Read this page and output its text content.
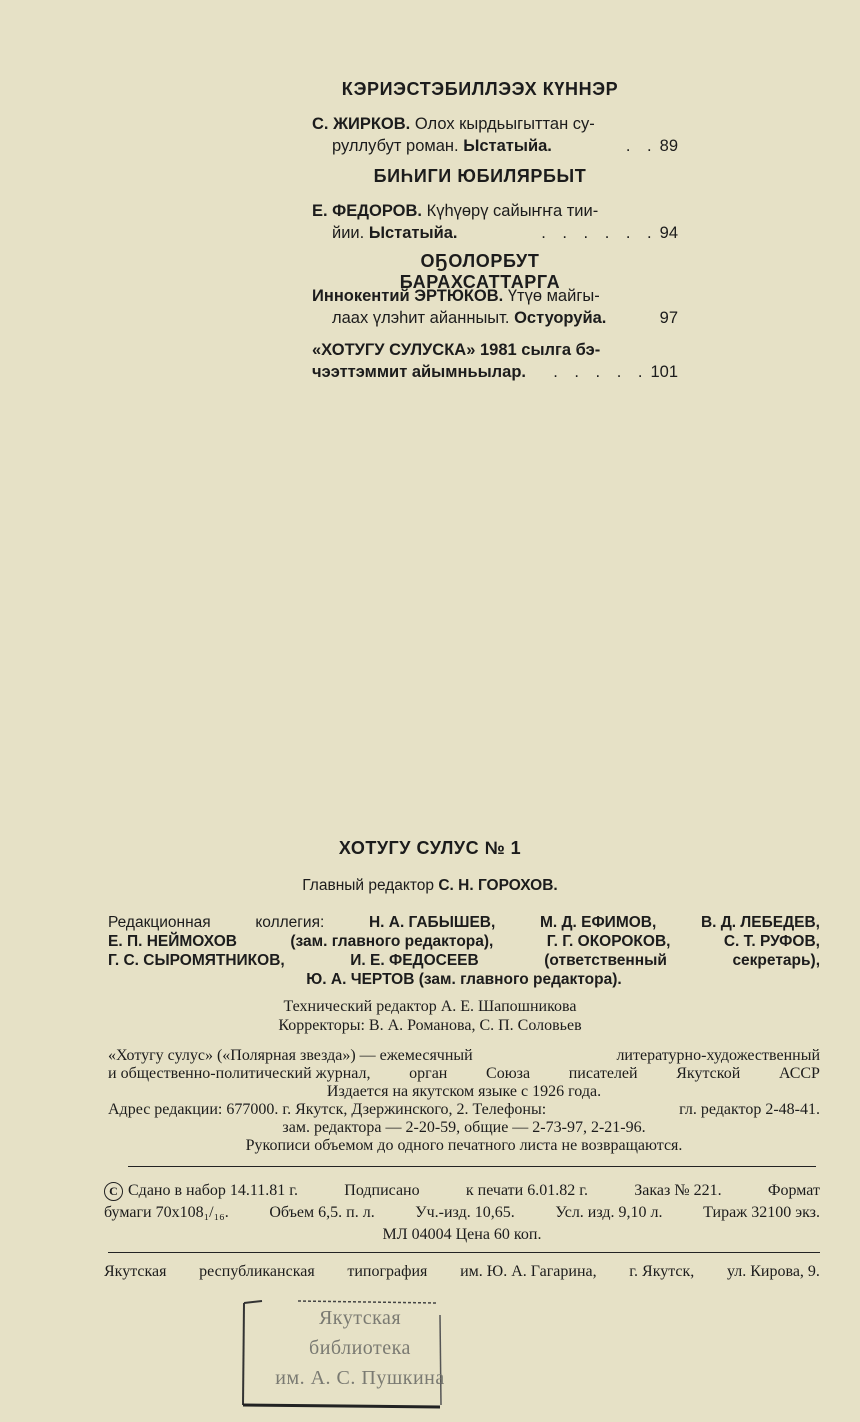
КЭРИЭСТЭБИЛЛЭЭХ КҮННЭР
С. ЖИРКОВ. Олох кырдьыгыттан су-
руллубут роман. Ыстатыйа.	. . 89
БИҺИГИ ЮБИЛЯРБЫТ
Е. ФЕДОРОВ. Күһүөрү сайыҥҥа тии-
йии. Ыстатыйа.	. . . . . . 94
ОҔОЛОРБУТ БАРАХСАТТАРГА
Иннокентий ЭРТЮКОВ. Үтүө майгы-
лаах үлэһит айанныыт. Остуоруйа.	97
«ХОТУГУ СУЛУСКА» 1981 сылга бэ-
чээттэммит айымньылар.	. . . . . 101
ХОТУГУ СУЛУС № 1
Главный редактор С. Н. ГОРОХОВ.
Редакционная	коллегия:	Н. А. ГАБЫШЕВ,	М. Д. ЕФИМОВ,	В. Д. ЛЕБЕДЕВ,
Е. П. НЕЙМОХОВ	(зам. главного редактора),	Г. Г. ОКОРОКОВ,	С. Т. РУФОВ,
Г. С. СЫРОМЯТНИКОВ,	И. Е. ФЕДОСЕЕВ	(ответственный	секретарь),
Ю. А. ЧЕРТОВ (зам. главного редактора).
Технический редактор А. Е. Шапошникова
Корректоры: В. А. Романова, С. П. Соловьев
«Хотугу сулус» («Полярная звезда») — ежемесячный	литературно-художественный
и общественно-политический журнал, орган Союза писателей Якутской АССР
Издается на якутском языке с 1926 года.
Адрес редакции: 677000. г. Якутск, Дзержинского, 2. Телефоны:	гл. редактор 2-48-41.
зам. редактора — 2-20-59, общие — 2-73-97, 2-21-96.
Рукописи объемом до одного печатного листа не возвращаются.
C Сдано в набор 14.11.81 г.	Подписано	к печати 6.01.82 г.	Заказ № 221.	Формат
бумаги 70x108₁/₁₆.	Объем 6,5. п. л.	Уч.-изд. 10,65.	Усл. изд. 9,10 л.	Тираж 32100 экз.
МЛ 04004 Цена 60 коп.
Якутская республиканская типография им. Ю. А. Гагарина, г. Якутск, ул. Кирова, 9.
Якутская
библиотека
им. А. С. Пушкина
